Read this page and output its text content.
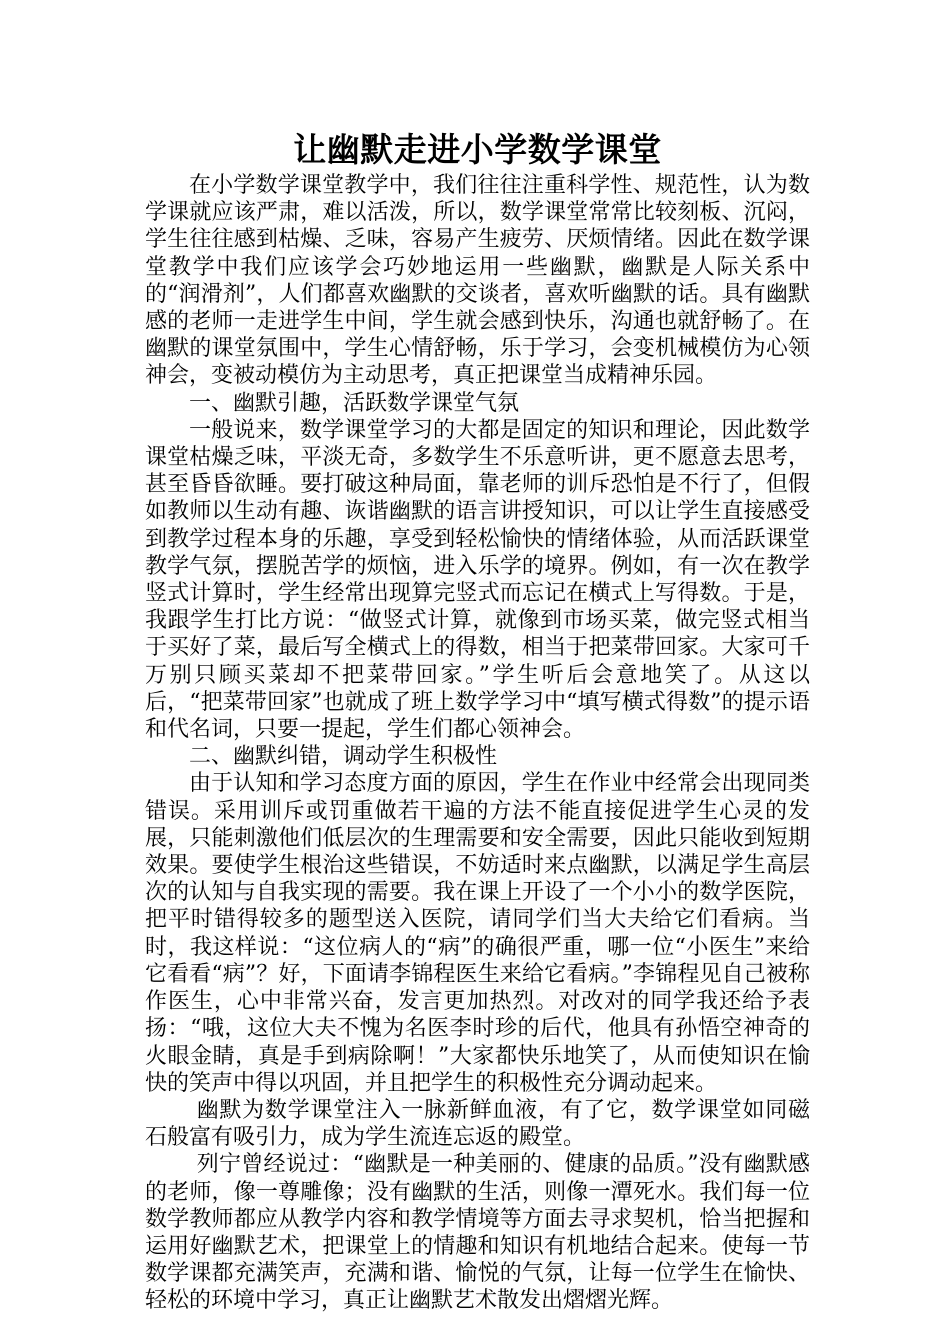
让幽默走进小学数学课堂

在小学数学课堂教学中，我们往往注重科学性、规范性，认为数学课就应该严肃，难以活泼，所以，数学课堂常常比较刻板、沉闷，学生往往感到枯燥、乏味，容易产生疲劳、厌烦情绪。因此在数学课堂教学中我们应该学会巧妙地运用一些幽默，幽默是人际关系中的“润滑剂”，人们都喜欢幽默的交谈者，喜欢听幽默的话。具有幽默感的老师一走进学生中间，学生就会感到快乐，沟通也就舒畅了。在幽默的课堂氛围中，学生心情舒畅，乐于学习，会变机械模仿为心领神会，变被动模仿为主动思考，真正把课堂当成精神乐园。

一、幽默引趣，活跃数学课堂气氛

一般说来，数学课堂学习的大都是固定的知识和理论，因此数学课堂枯燥乏味，平淡无奇，多数学生不乐意听讲，更不愿意去思考，甚至昏昏欲睡。要打破这种局面，靠老师的训斥恐怕是不行了，但假如教师以生动有趣、诙谐幽默的语言讲授知识，可以让学生直接感受到教学过程本身的乐趣，享受到轻松愉快的情绪体验，从而活跃课堂教学气氛，摆脱苦学的烦恼，进入乐学的境界。例如，有一次在教学竖式计算时，学生经常出现算完竖式而忘记在横式上写得数。于是，我跟学生打比方说：“做竖式计算，就像到市场买菜，做完竖式相当于买好了菜，最后写全横式上的得数，相当于把菜带回家。大家可千万别只顾买菜却不把菜带回家。”学生听后会意地笑了。从这以后，“把菜带回家”也就成了班上数学学习中“填写横式得数”的提示语和代名词，只要一提起，学生们都心领神会。

二、幽默纠错，调动学生积极性

由于认知和学习态度方面的原因，学生在作业中经常会出现同类错误。采用训斥或罚重做若干遍的方法不能直接促进学生心灵的发展，只能刺激他们低层次的生理需要和安全需要，因此只能收到短期效果。要使学生根治这些错误，不妨适时来点幽默，以满足学生高层次的认知与自我实现的需要。我在课上开设了一个小小的数学医院，把平时错得较多的题型送入医院，请同学们当大夫给它们看病。当时，我这样说：“这位病人的“病”的确很严重，哪一位“小医生”来给它看看“病”？好，下面请李锦程医生来给它看病。”李锦程见自己被称作医生，心中非常兴奋，发言更加热烈。对改对的同学我还给予表扬：“哦，这位大夫不愧为名医李时珍的后代，他具有孙悟空神奇的火眼金睛，真是手到病除啊！”大家都快乐地笑了，从而使知识在愉快的笑声中得以巩固，并且把学生的积极性充分调动起来。

幽默为数学课堂注入一脉新鲜血液，有了它，数学课堂如同磁石般富有吸引力，成为学生流连忘返的殿堂。

列宁曾经说过：“幽默是一种美丽的、健康的品质。”没有幽默感的老师，像一尊雕像；没有幽默的生活，则像一潭死水。我们每一位数学教师都应从教学内容和教学情境等方面去寻求契机，恰当把握和运用好幽默艺术，把课堂上的情趣和知识有机地结合起来。使每一节数学课都充满笑声，充满和谐、愉悦的气氛，让每一位学生在愉快、轻松的环境中学习，真正让幽默艺术散发出熠熠光辉。
